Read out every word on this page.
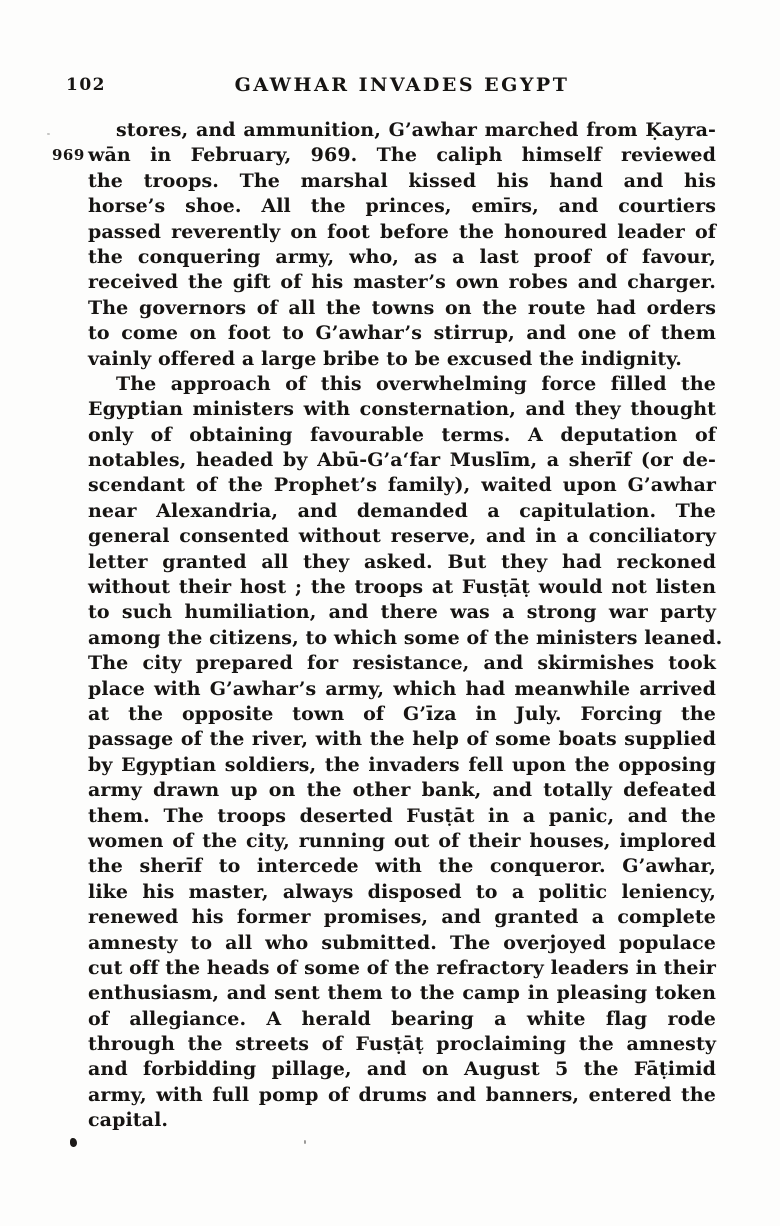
102	GAWHAR INVADES EGYPT
969
stores, and ammunition, G’awhar marched from Ḳayra-
wān in February, 969. The caliph himself reviewed
the troops. The marshal kissed his hand and his
horse’s shoe. All the princes, emīrs, and courtiers
passed reverently on foot before the honoured leader of
the conquering army, who, as a last proof of favour,
received the gift of his master’s own robes and charger.
The governors of all the towns on the route had orders
to come on foot to G’awhar’s stirrup, and one of them
vainly offered a large bribe to be excused the indignity.
The approach of this overwhelming force filled the
Egyptian ministers with consternation, and they thought
only of obtaining favourable terms. A deputation of
notables, headed by Abū-G’a‘far Muslīm, a sherīf (or de-
scendant of the Prophet’s family), waited upon G’awhar
near Alexandria, and demanded a capitulation. The
general consented without reserve, and in a conciliatory
letter granted all they asked. But they had reckoned
without their host ; the troops at Fusṭāṭ would not listen
to such humiliation, and there was a strong war party
among the citizens, to which some of the ministers leaned.
The city prepared for resistance, and skirmishes took
place with G’awhar’s army, which had meanwhile arrived
at the opposite town of G’īza in July. Forcing the
passage of the river, with the help of some boats supplied
by Egyptian soldiers, the invaders fell upon the opposing
army drawn up on the other bank, and totally defeated
them. The troops deserted Fusṭāt in a panic, and the
women of the city, running out of their houses, implored
the sherīf to intercede with the conqueror. G’awhar,
like his master, always disposed to a politic leniency,
renewed his former promises, and granted a complete
amnesty to all who submitted. The overjoyed populace
cut off the heads of some of the refractory leaders in their
enthusiasm, and sent them to the camp in pleasing token
of allegiance. A herald bearing a white flag rode
through the streets of Fusṭāṭ proclaiming the amnesty
and forbidding pillage, and on August 5 the Fāṭimid
army, with full pomp of drums and banners, entered the
capital.
